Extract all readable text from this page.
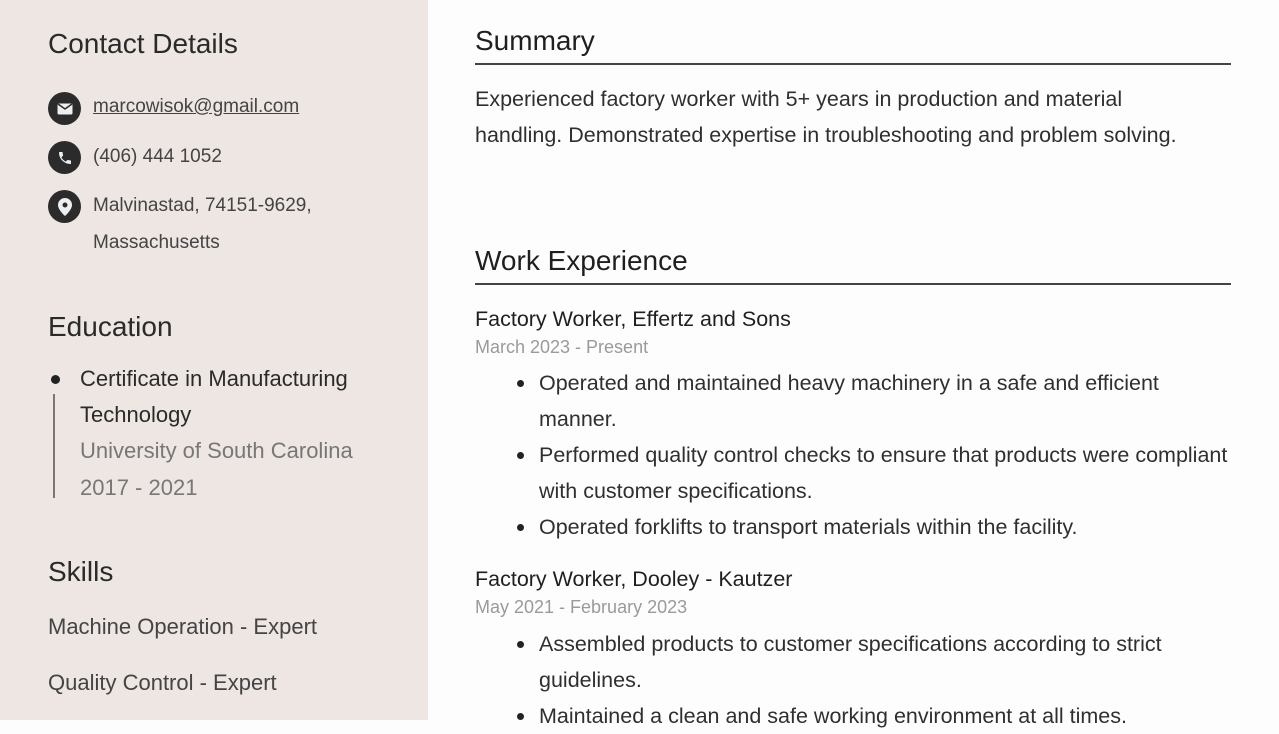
Contact Details
marcowisok@gmail.com
(406) 444 1052
Malvinastad, 74151-9629,
Massachusetts
Education
Certificate in Manufacturing
Technology
University of South Carolina
2017 - 2021
Skills
Machine Operation - Expert
Quality Control - Expert
Summary
Experienced factory worker with 5+ years in production and material handling. Demonstrated expertise in troubleshooting and problem solving.
Work Experience
Factory Worker, Effertz and Sons
March 2023 - Present
Operated and maintained heavy machinery in a safe and efficient manner.
Performed quality control checks to ensure that products were compliant with customer specifications.
Operated forklifts to transport materials within the facility.
Factory Worker, Dooley - Kautzer
May 2021 - February 2023
Assembled products to customer specifications according to strict guidelines.
Maintained a clean and safe working environment at all times.
